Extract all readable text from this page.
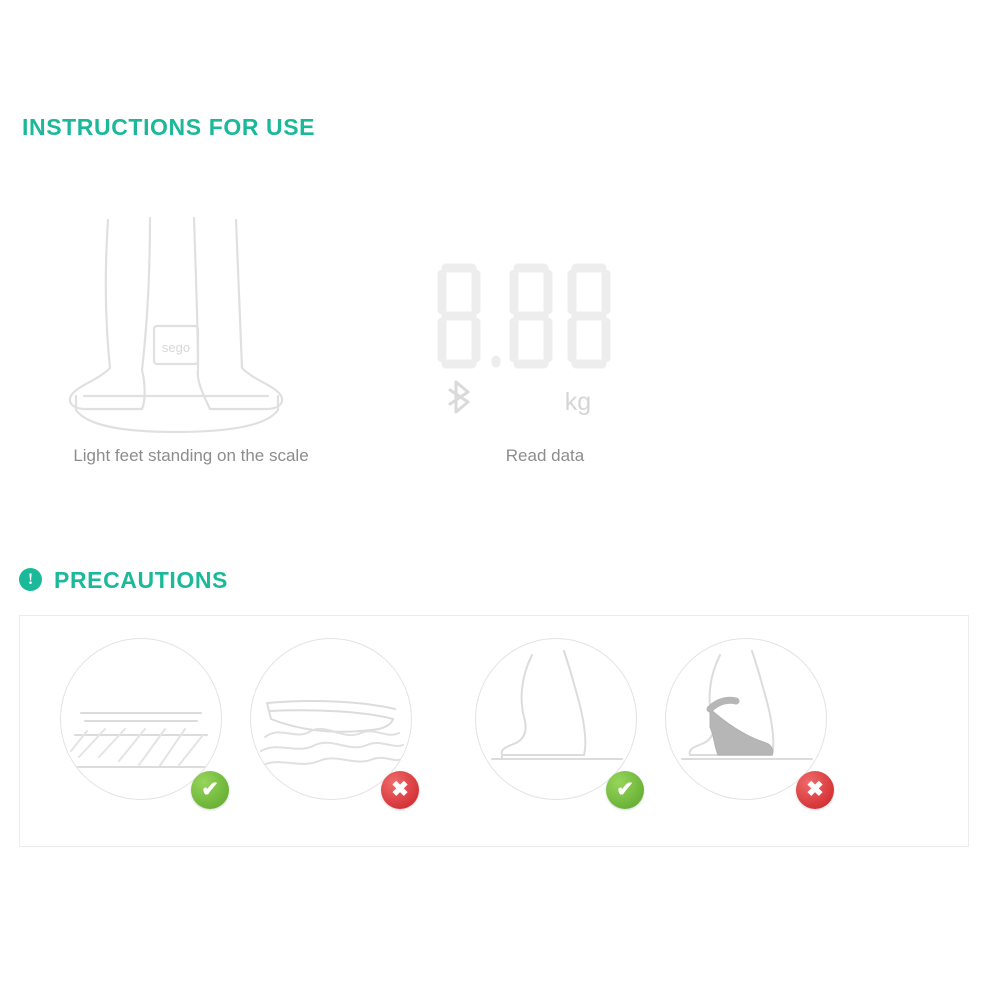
INSTRUCTIONS FOR USE
sego
Light feet standing on the scale
kg
Read data
! PRECAUTIONS
✔	✖	✔	✖
